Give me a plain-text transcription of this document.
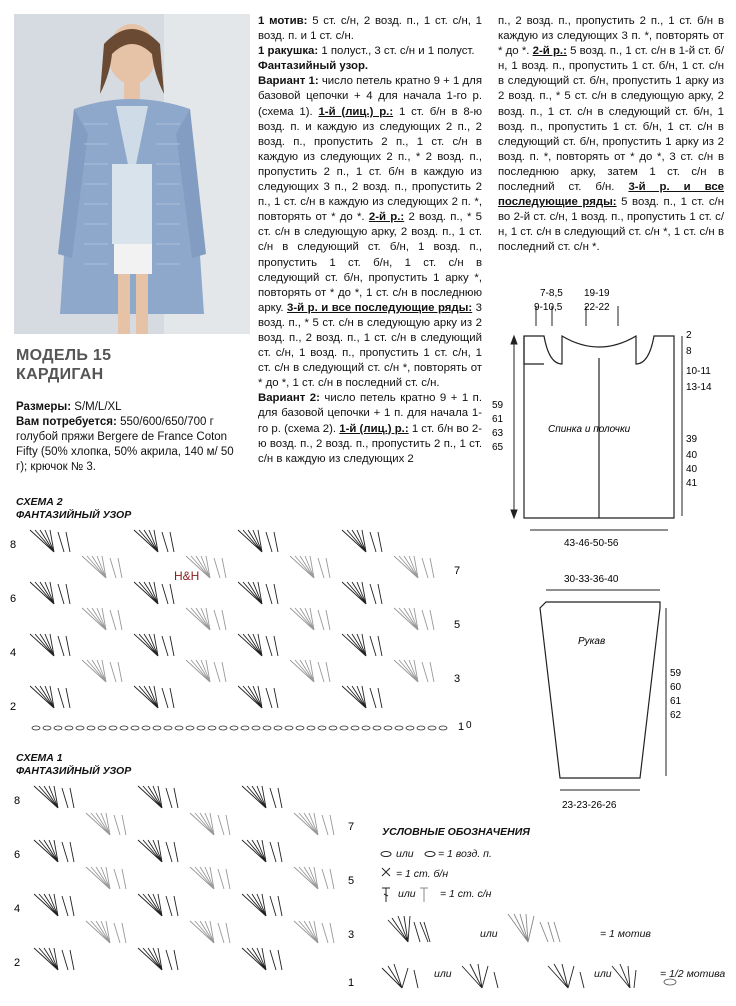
МОДЕЛЬ 15
КАРДИГАН
Размеры: S/M/L/XL
Вам потребуется: 550/600/650/700 г голубой пряжи Bergere de France Coton Fifty (50% хлопка, 50% акрила, 140 м/ 50 г); крючок № 3.
1 мотив: 5 ст. с/н, 2 возд. п., 1 ст. с/н, 1 возд. п. и 1 ст. с/н.
1 ракушка: 1 полуст., 3 ст. с/н и 1 полуст.
Фантазийный узор.
Вариант 1: число петель кратно 9 + 1 для базовой цепочки + 4 для начала 1-го р. (схема 1). 1-й (лиц.) р.: 1 ст. б/н в 8-ю возд. п. и каждую из следующих 2 п., 2 возд. п., пропустить 2 п., 1 ст. с/н в каждую из следующих 2 п., * 2 возд. п., пропустить 2 п., 1 ст. б/н в каждую из следующих 3 п., 2 возд. п., пропустить 2 п., 1 ст. с/н в каждую из следующих 2 п. *, повторять от * до *. 2-й р.: 2 возд. п., * 5 ст. с/н в следующую арку, 2 возд. п., 1 ст. с/н в следующий ст. б/н, 1 возд. п., пропустить 1 ст. б/н, 1 ст. с/н в следующий ст. б/н, пропустить 1 арку *, повторять от * до *, 1 ст. с/н в последнюю арку. 3-й р. и все последующие ряды: 3 возд. п., * 5 ст. с/н в следующую арку из 2 возд. п., 2 возд. п., 1 ст. с/н в следующий ст. с/н, 1 возд. п., пропустить 1 ст. с/н, 1 ст. с/н в следующий ст. с/н *, повторять от * до *, 1 ст. с/н в последний ст. с/н.
Вариант 2: число петель кратно 9 + 1 п. для базовой цепочки + 1 п. для начала 1-го р. (схема 2). 1-й (лиц.) р.: 1 ст. б/н во 2-ю возд. п., 2 возд. п., пропустить 2 п., 1 ст. с/н в каждую из следующих 2
п., 2 возд. п., пропустить 2 п., 1 ст. б/н в каждую из следующих 3 п. *, повторять от * до *. 2-й р.: 5 возд. п., 1 ст. с/н в 1-й ст. б/н, 1 возд. п., пропустить 1 ст. б/н, 1 ст. с/н в следующий ст. б/н, пропустить 1 арку из 2 возд. п., * 5 ст. с/н в следующую арку, 2 возд. п., 1 ст. с/н в следующий ст. б/н, 1 возд. п., пропустить 1 ст. б/н, 1 ст. с/н в следующий ст. б/н, пропустить 1 арку из 2 возд. п. *, повторять от * до *, 3 ст. с/н в последнюю арку, затем 1 ст. с/н в последний ст. б/н. 3-й р. и все последующие ряды: 5 возд. п., 1 ст. с/н во 2-й ст. с/н, 1 возд. п., пропустить 1 ст. с/н, 1 ст. с/н в следующий ст. с/н *, 1 ст. с/н в последний ст. с/н *.
7-8,5
9-10,5
19-19
22-22
2
8
10-11
13-14
39
40
40
41
59
61
63
65
Спинка и полочки
43-46-50-56
30-33-36-40
Рукав
59
60
61
62
23-23-26-26
СХЕМА 2
ФАНТАЗИЙНЫЙ УЗОР
8
6
4
2
7
5
3
1 0
H&H
СХЕМА 1
ФАНТАЗИЙНЫЙ УЗОР
8
6
4
2
7
5
3
1
УСЛОВНЫЕ ОБОЗНАЧЕНИЯ
или = 1 возд. п.
= 1 ст. б/н
или = 1 ст. с/н
или	= 1 мотив
или	или	= 1/2 мотива
